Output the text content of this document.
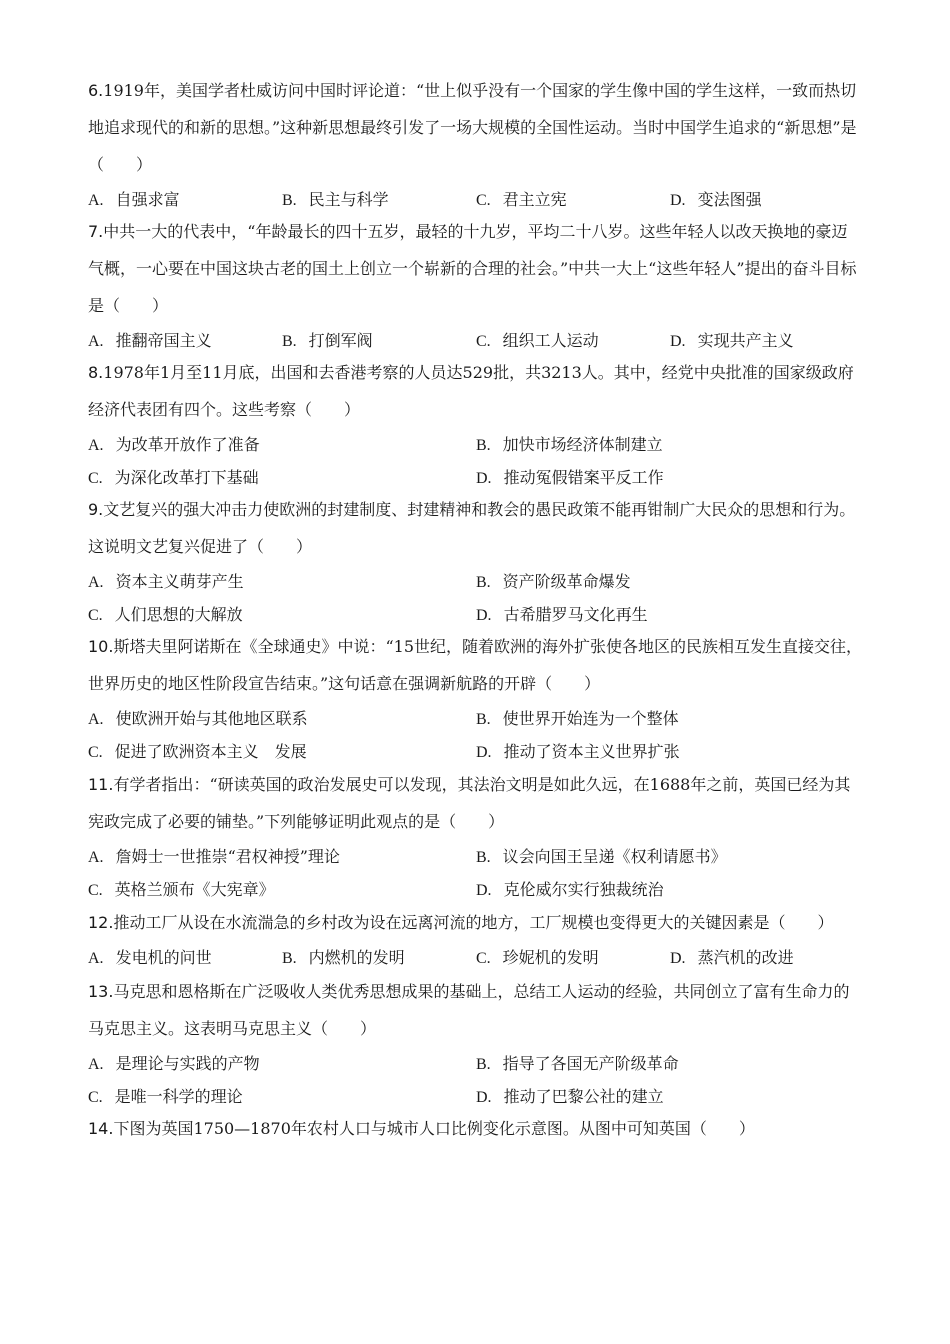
6.1919年，美国学者杜威访问中国时评论道：“世上似乎没有一个国家的学生像中国的学生这样，一致而热切地追求现代的和新的思想。”这种新思想最终引发了一场大规模的全国性运动。当时中国学生追求的“新思想”是（　　）

A. 自强求富	B. 民主与科学	C. 君主立宪	D. 变法图强

7.中共一大的代表中，“年龄最长的四十五岁，最轻的十九岁，平均二十八岁。这些年轻人以改天换地的豪迈气概，一心要在中国这块古老的国土上创立一个崭新的合理的社会。”中共一大上“这些年轻人”提出的奋斗目标是（　　）

A. 推翻帝国主义	B. 打倒军阀	C. 组织工人运动	D. 实现共产主义

8.1978年1月至11月底，出国和去香港考察的人员达529批，共3213人。其中，经党中央批准的国家级政府经济代表团有四个。这些考察（　　）

A. 为改革开放作了准备	B. 加快市场经济体制建立
C. 为深化改革打下基础	D. 推动冤假错案平反工作

9.文艺复兴的强大冲击力使欧洲的封建制度、封建精神和教会的愚民政策不能再钳制广大民众的思想和行为。这说明文艺复兴促进了（　　）

A. 资本主义萌芽产生	B. 资产阶级革命爆发
C. 人们思想的大解放	D. 古希腊罗马文化再生

10.斯塔夫里阿诺斯在《全球通史》中说：“15世纪，随着欧洲的海外扩张使各地区的民族相互发生直接交往，世界历史的地区性阶段宣告结束。”这句话意在强调新航路的开辟（　　）

A. 使欧洲开始与其他地区联系	B. 使世界开始连为一个整体
C. 促进了欧洲资本主义　发展	D. 推动了资本主义世界扩张

11.有学者指出：“研读英国的政治发展史可以发现，其法治文明是如此久远，在1688年之前，英国已经为其宪政完成了必要的铺垫。”下列能够证明此观点的是（　　）

A. 詹姆士一世推崇“君权神授”理论	B. 议会向国王呈递《权利请愿书》
C. 英格兰颁布《大宪章》	D. 克伦威尔实行独裁统治

12.推动工厂从设在水流湍急的乡村改为设在远离河流的地方，工厂规模也变得更大的关键因素是（　　）

A. 发电机的问世	B. 内燃机的发明	C. 珍妮机的发明	D. 蒸汽机的改进

13.马克思和恩格斯在广泛吸收人类优秀思想成果的基础上，总结工人运动的经验，共同创立了富有生命力的马克思主义。这表明马克思主义（　　）

A. 是理论与实践的产物	B. 指导了各国无产阶级革命
C. 是唯一科学的理论	D. 推动了巴黎公社的建立

14.下图为英国1750—1870年农村人口与城市人口比例变化示意图。从图中可知英国（　　）
